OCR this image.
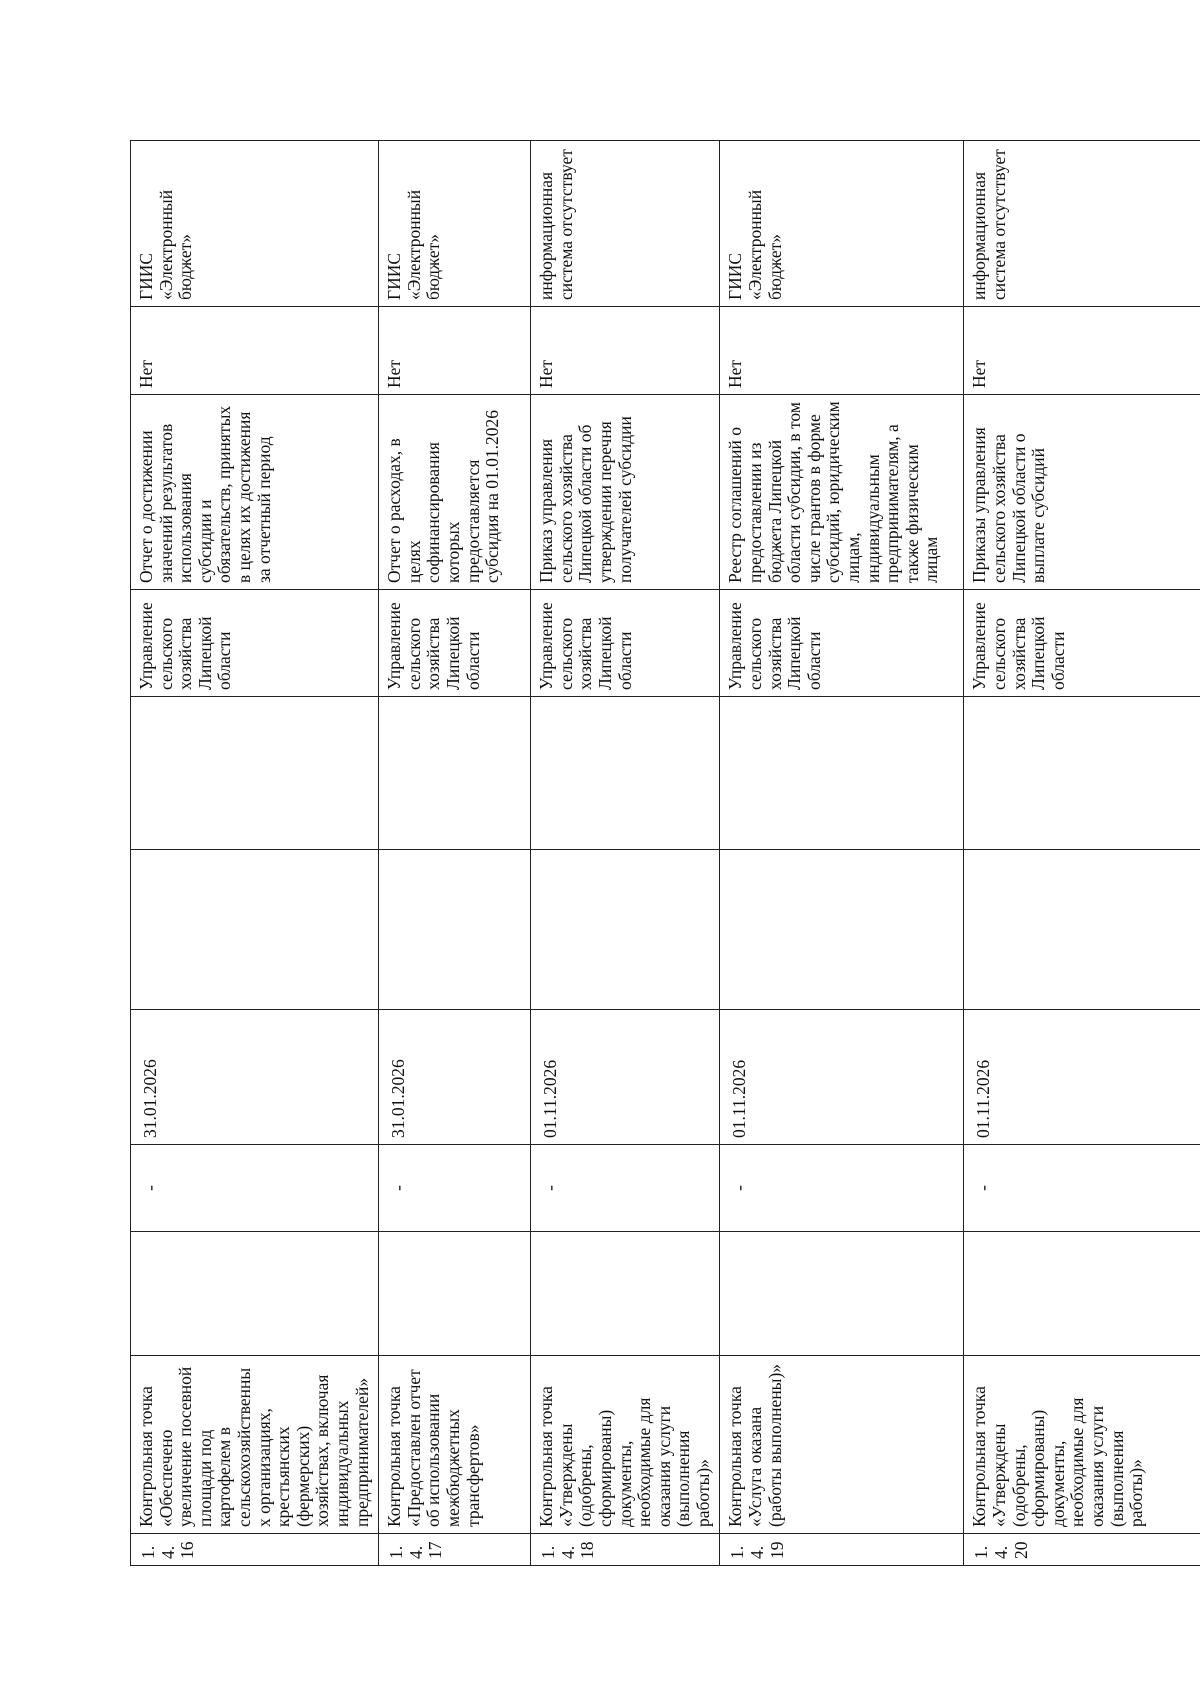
1.4.16	Контрольная точка «Обеспечено увеличение посевной площади под картофелем в сельскохозяйственных организациях, крестьянских (фермерских) хозяйствах, включая индивидуальных предпринимателей»		-	31.01.2026			Управление сельского хозяйства Липецкой области	Отчет о достижении значений результатов использования субсидии и обязательств, принятых в целях их достижения за отчетный период	Нет	ГИИС «Электронный бюджет»
1.4.17	Контрольная точка «Предоставлен отчет об использовании межбюджетных трансфертов»		-	31.01.2026			Управление сельского хозяйства Липецкой области	Отчет о расходах, в целях софинансирования которых предоставляется субсидия на 01.01.2026	Нет	ГИИС «Электронный бюджет»
1.4.18	Контрольная точка «Утверждены (одобрены, сформированы) документы, необходимые для оказания услуги (выполнения работы)»		-	01.11.2026			Управление сельского хозяйства Липецкой области	Приказ управления сельского хозяйства Липецкой области об утверждении перечня получателей субсидии	Нет	информационная система отсутствует
1.4.19	Контрольная точка «Услуга оказана (работы выполнены)»		-	01.11.2026			Управление сельского хозяйства Липецкой области	Реестр соглашений о предоставлении из бюджета Липецкой области субсидии, в том числе грантов в форме субсидий, юридическим лицам, индивидуальным предпринимателям, а также физическим лицам	Нет	ГИИС «Электронный бюджет»
1.4.20	Контрольная точка «Утверждены (одобрены, сформированы) документы, необходимые для оказания услуги (выполнения работы)»		-	01.11.2026			Управление сельского хозяйства Липецкой области	Приказы управления сельского хозяйства Липецкой области о выплате субсидий	Нет	информационная система отсутствует
